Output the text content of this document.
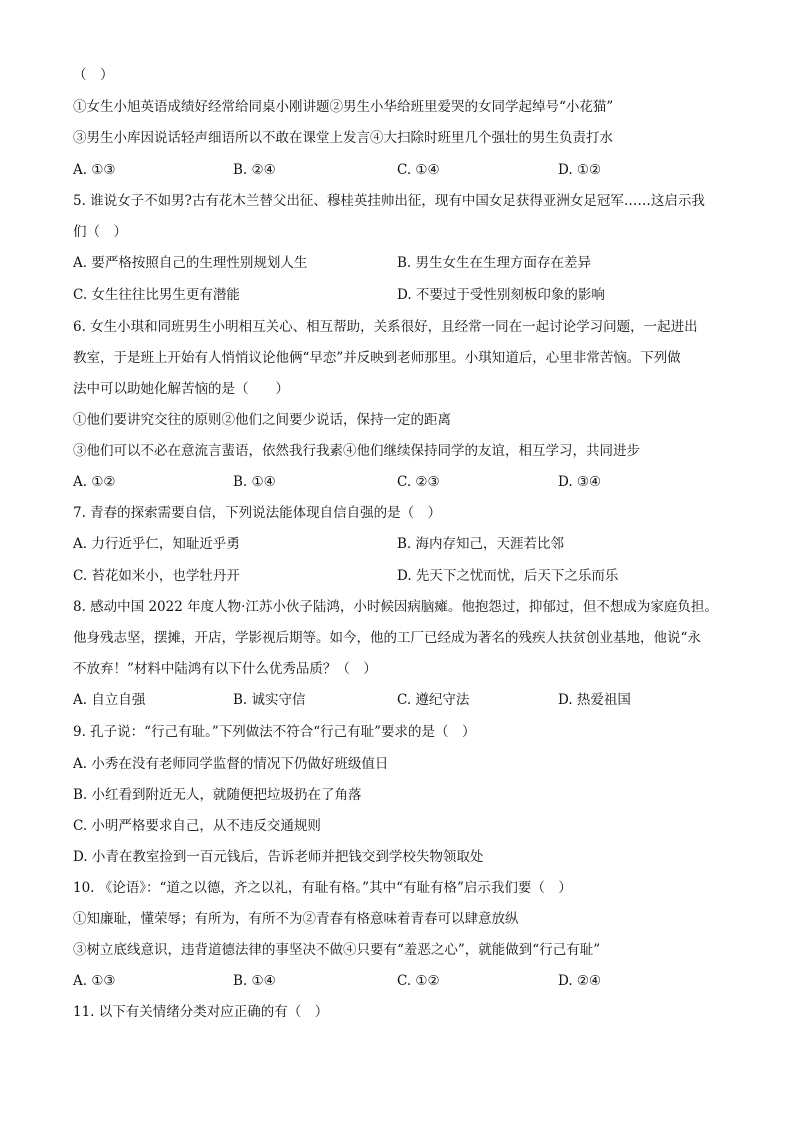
（　）
①女生小旭英语成绩好经常给同桌小刚讲题②男生小华给班里爱哭的女同学起绰号“小花猫”
③男生小库因说话轻声细语所以不敢在课堂上发言④大扫除时班里几个强壮的男生负责打水
A. ①③	B. ②④	C. ①④	D. ①②
5. 谁说女子不如男?古有花木兰替父出征、穆桂英挂帅出征，现有中国女足获得亚洲女足冠军……这启示我
们（　）
A. 要严格按照自己的生理性别规划人生	B. 男生女生在生理方面存在差异
C. 女生往往比男生更有潜能	D. 不要过于受性别刻板印象的影响
6. 女生小琪和同班男生小明相互关心、相互帮助，关系很好，且经常一同在一起讨论学习问题，一起进出
教室，于是班上开始有人悄悄议论他俩“早恋”并反映到老师那里。小琪知道后，心里非常苦恼。下列做
法中可以助她化解苦恼的是（　　）
①他们要讲究交往的原则②他们之间要少说话，保持一定的距离
③他们可以不必在意流言蜚语，依然我行我素④他们继续保持同学的友谊，相互学习，共同进步
A. ①②	B. ①④	C. ②③	D. ③④
7. 青春的探索需要自信，下列说法能体现自信自强的是（　）
A. 力行近乎仁，知耻近乎勇	B. 海内存知己，天涯若比邻
C. 苔花如米小，也学牡丹开	D. 先天下之忧而忧，后天下之乐而乐
8. 感动中国 2022 年度人物·江苏小伙子陆鸿，小时候因病脑瘫。他抱怨过，抑郁过，但不想成为家庭负担。
他身残志坚，摆摊，开店，学影视后期等。如今，他的工厂已经成为著名的残疾人扶贫创业基地，他说“永
不放弃！”材料中陆鸿有以下什么优秀品质？（　）
A. 自立自强	B. 诚实守信	C. 遵纪守法	D. 热爱祖国
9. 孔子说：“行己有耻。”下列做法不符合“行己有耻”要求的是（　）
A. 小秀在没有老师同学监督的情况下仍做好班级值日
B. 小红看到附近无人，就随便把垃圾扔在了角落
C. 小明严格要求自己，从不违反交通规则
D. 小青在教室捡到一百元钱后，告诉老师并把钱交到学校失物领取处
10. 《论语》：“道之以德，齐之以礼，有耻有格。”其中“有耻有格”启示我们要（　）
①知廉耻，懂荣辱；有所为，有所不为②青春有格意味着青春可以肆意放纵
③树立底线意识，违背道德法律的事坚决不做④只要有“羞恶之心”，就能做到“行己有耻”
A. ①③	B. ①④	C. ①②	D. ②④
11. 以下有关情绪分类对应正确的有（　）
